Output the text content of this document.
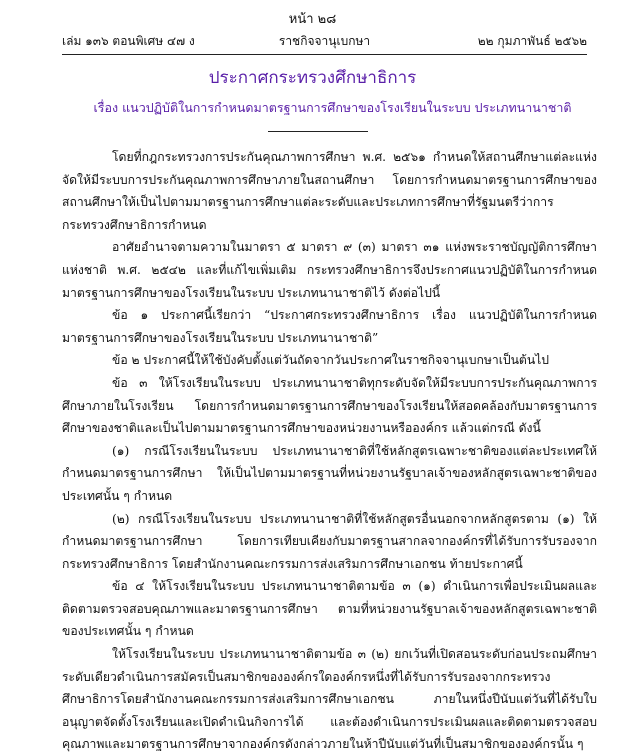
หน้า ๒๘
เล่ม ๑๓๖ ตอนพิเศษ ๔๗ ง	ราชกิจจานุเบกษา	๒๒ กุมภาพันธ์ ๒๕๖๒
ประกาศกระทรวงศึกษาธิการ
เรื่อง แนวปฏิบัติในการกำหนดมาตรฐานการศึกษาของโรงเรียนในระบบ ประเภทนานาชาติ

โดยที่กฎกระทรวงการประกันคุณภาพการศึกษา พ.ศ. ๒๕๖๑ กำหนดให้สถานศึกษาแต่ละแห่งจัดให้มีระบบการประกันคุณภาพการศึกษาภายในสถานศึกษา โดยการกำหนดมาตรฐานการศึกษาของสถานศึกษาให้เป็นไปตามมาตรฐานการศึกษาแต่ละระดับและประเภทการศึกษาที่รัฐมนตรีว่าการกระทรวงศึกษาธิการกำหนด

อาศัยอำนาจตามความในมาตรา ๕ มาตรา ๙ (๓) มาตรา ๓๑ แห่งพระราชบัญญัติการศึกษาแห่งชาติ พ.ศ. ๒๕๔๒ และที่แก้ไขเพิ่มเติม กระทรวงศึกษาธิการจึงประกาศแนวปฏิบัติในการกำหนดมาตรฐานการศึกษาของโรงเรียนในระบบ ประเภทนานาชาติไว้ ดังต่อไปนี้

ข้อ ๑ ประกาศนี้เรียกว่า “ประกาศกระทรวงศึกษาธิการ เรื่อง แนวปฏิบัติในการกำหนดมาตรฐานการศึกษาของโรงเรียนในระบบ ประเภทนานาชาติ”

ข้อ ๒ ประกาศนี้ให้ใช้บังคับตั้งแต่วันถัดจากวันประกาศในราชกิจจานุเบกษาเป็นต้นไป

ข้อ ๓ ให้โรงเรียนในระบบ ประเภทนานาชาติทุกระดับจัดให้มีระบบการประกันคุณภาพการศึกษาภายในโรงเรียน โดยการกำหนดมาตรฐานการศึกษาของโรงเรียนให้สอดคล้องกับมาตรฐานการศึกษาของชาติและเป็นไปตามมาตรฐานการศึกษาของหน่วยงานหรือองค์กร แล้วแต่กรณี ดังนี้

(๑) กรณีโรงเรียนในระบบ ประเภทนานาชาติที่ใช้หลักสูตรเฉพาะชาติของแต่ละประเทศให้กำหนดมาตรฐานการศึกษา ให้เป็นไปตามมาตรฐานที่หน่วยงานรัฐบาลเจ้าของหลักสูตรเฉพาะชาติของประเทศนั้น ๆ กำหนด

(๒) กรณีโรงเรียนในระบบ ประเภทนานาชาติที่ใช้หลักสูตรอื่นนอกจากหลักสูตรตาม (๑) ให้กำหนดมาตรฐานการศึกษา โดยการเทียบเคียงกับมาตรฐานสากลจากองค์กรที่ได้รับการรับรองจากกระทรวงศึกษาธิการ โดยสำนักงานคณะกรรมการส่งเสริมการศึกษาเอกชน ท้ายประกาศนี้

ข้อ ๔ ให้โรงเรียนในระบบ ประเภทนานาชาติตามข้อ ๓ (๑) ดำเนินการเพื่อประเมินผลและติดตามตรวจสอบคุณภาพและมาตรฐานการศึกษา ตามที่หน่วยงานรัฐบาลเจ้าของหลักสูตรเฉพาะชาติของประเทศนั้น ๆ กำหนด

ให้โรงเรียนในระบบ ประเภทนานาชาติตามข้อ ๓ (๒) ยกเว้นที่เปิดสอนระดับก่อนประถมศึกษาระดับเดียวดำเนินการสมัครเป็นสมาชิกขององค์กรใดองค์กรหนึ่งที่ได้รับการรับรองจากกระทรวงศึกษาธิการโดยสำนักงานคณะกรรมการส่งเสริมการศึกษาเอกชน ภายในหนึ่งปีนับแต่วันที่ได้รับใบอนุญาตจัดตั้งโรงเรียนและเปิดดำเนินกิจการได้ และต้องดำเนินการประเมินผลและติดตามตรวจสอบคุณภาพและมาตรฐานการศึกษาจากองค์กรดังกล่าวภายในห้าปีนับแต่วันที่เป็นสมาชิกขององค์กรนั้น ๆ
